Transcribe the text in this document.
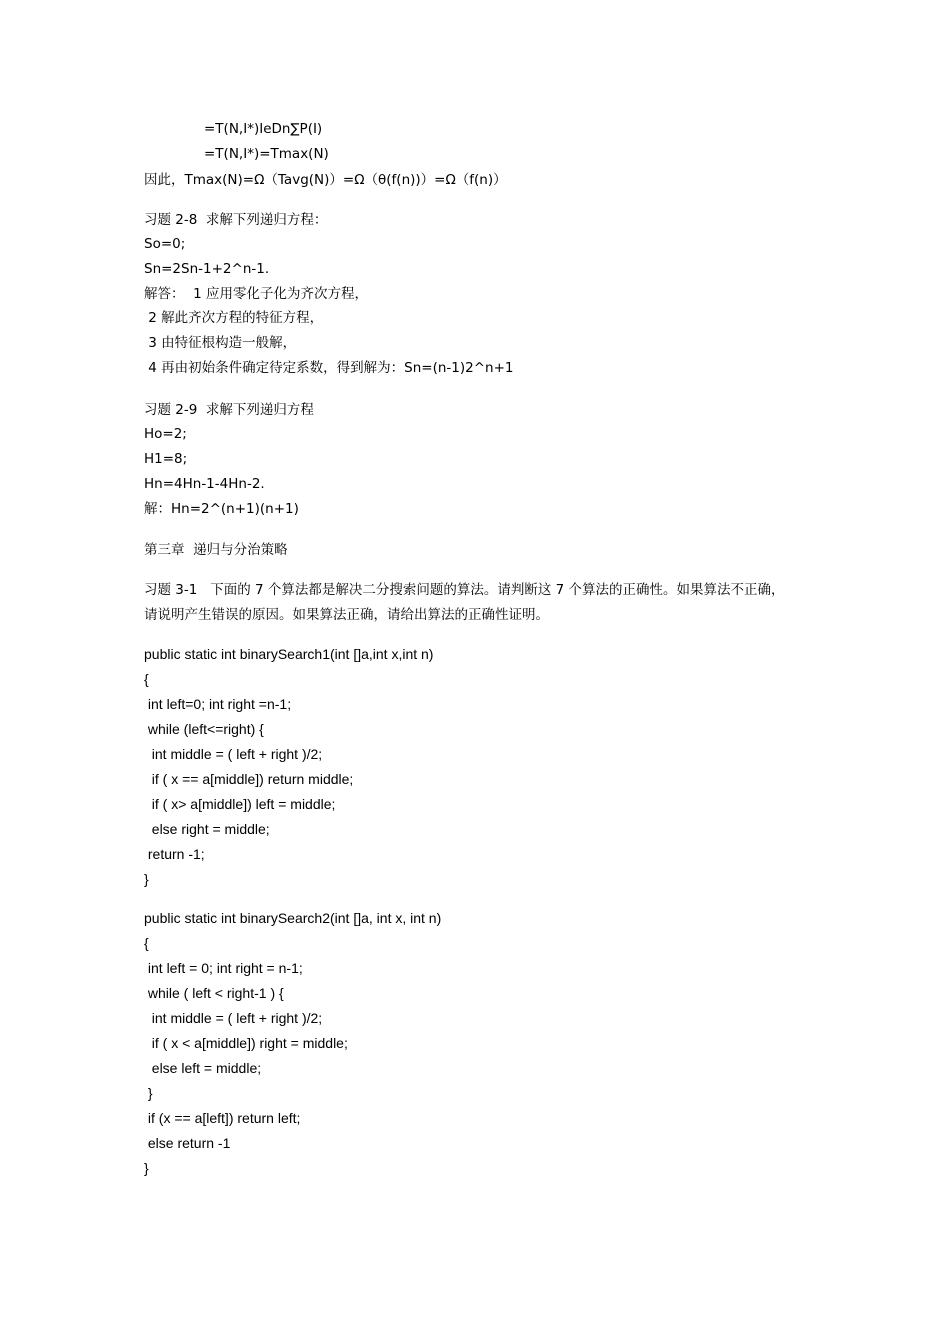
=T(N,I*)IeDn∑P(I)
=T(N,I*)=Tmax(N)
因此，Tmax(N)=Ω（Tavg(N)）=Ω（θ(f(n))）=Ω（f(n)）
习题 2-8  求解下列递归方程：
So=0;
Sn=2Sn-1+2^n-1.
解答：  1 应用零化子化为齐次方程，
2 解此齐次方程的特征方程，
3 由特征根构造一般解，
4 再由初始条件确定待定系数，得到解为：Sn=(n-1)2^n+1
习题 2-9  求解下列递归方程
Ho=2;
H1=8;
Hn=4Hn-1-4Hn-2.
解：Hn=2^(n+1)(n+1)
第三章  递归与分治策略
习题 3-1   下面的 7 个算法都是解决二分搜索问题的算法。请判断这 7 个算法的正确性。如果算法不正确，
请说明产生错误的原因。如果算法正确，请给出算法的正确性证明。
public static int binarySearch1(int []a,int x,int n)
{
int left=0; int right =n-1;
while (left<=right) {
int middle = ( left + right )/2;
if ( x == a[middle]) return middle;
if ( x> a[middle]) left = middle;
else right = middle;
return -1;
}
public static int binarySearch2(int []a, int x, int n)
{
int left = 0; int right = n-1;
while ( left < right-1 ) {
int middle = ( left + right )/2;
if ( x < a[middle]) right = middle;
else left = middle;
}
if (x == a[left]) return left;
else return -1
}
